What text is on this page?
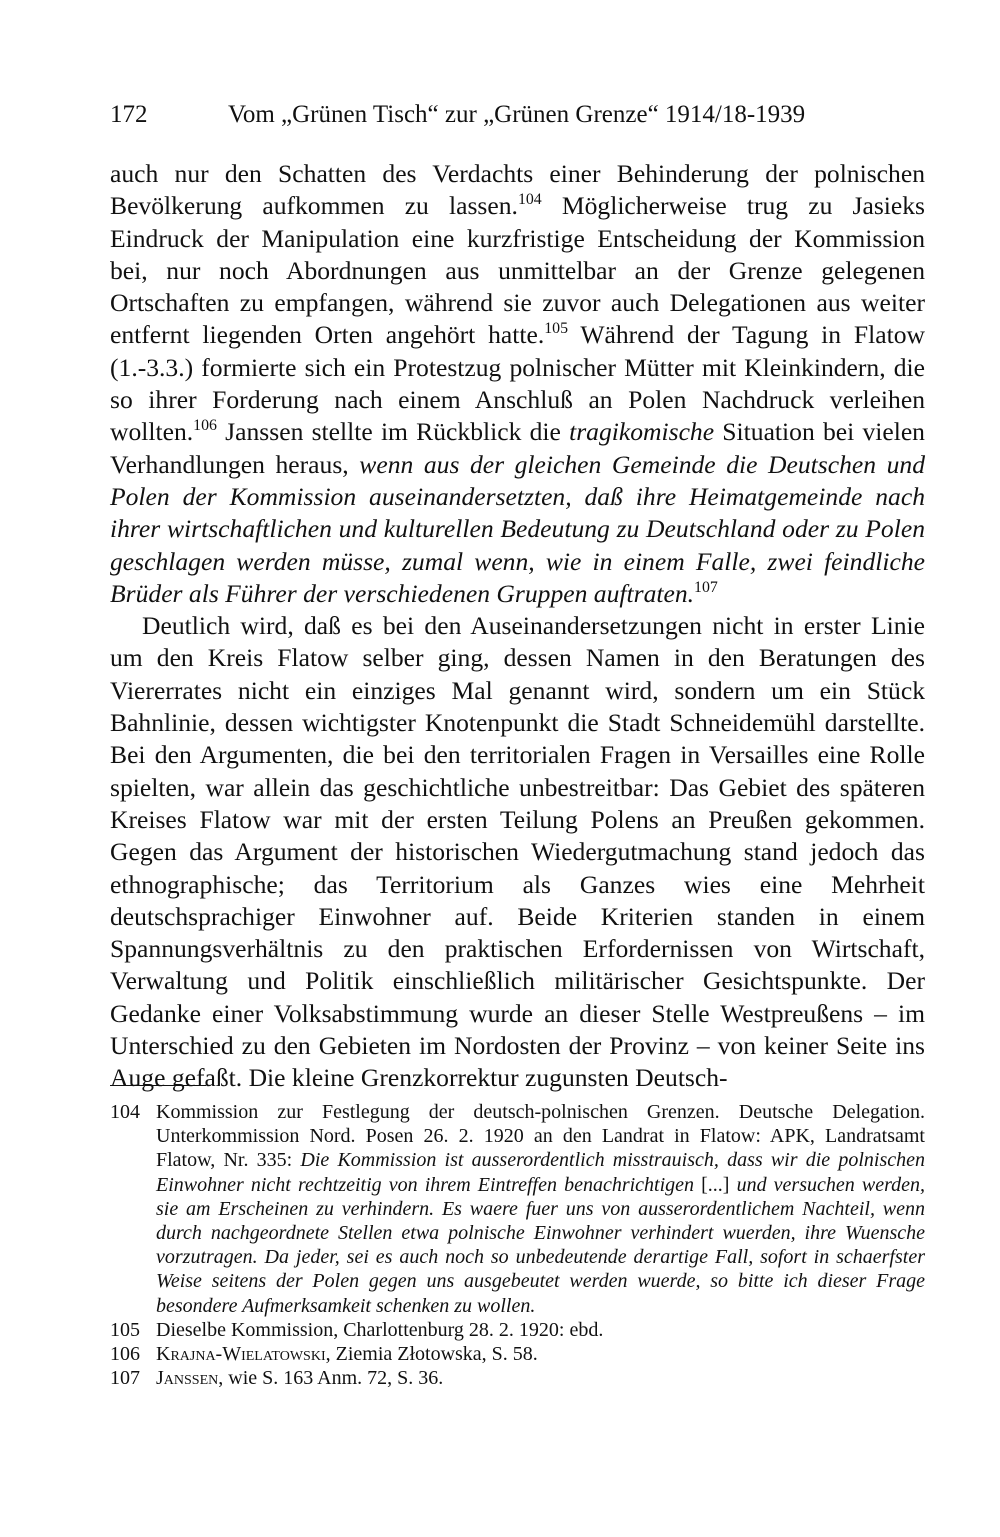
172	Vom „Grünen Tisch“ zur „Grünen Grenze“ 1914/18-1939

auch nur den Schatten des Verdachts einer Behinderung der polnischen Bevölkerung aufkommen zu lassen.$^{104}$ Möglicherweise trug zu Jasieks Eindruck der Manipulation eine kurzfristige Entscheidung der Kommission bei, nur noch Abordnungen aus unmittelbar an der Grenze gelegenen Ortschaften zu empfangen, während sie zuvor auch Delegationen aus weiter entfernt liegenden Orten angehört hatte.$^{105}$ Während der Tagung in Flatow (1.-3.3.) formierte sich ein Protestzug polnischer Mütter mit Kleinkindern, die so ihrer Forderung nach einem Anschluß an Polen Nachdruck verleihen wollten.$^{106}$ Janssen stellte im Rückblick die tragikomische Situation bei vielen Verhandlungen heraus, wenn aus der gleichen Gemeinde die Deutschen und Polen der Kommission auseinandersetzten, daß ihre Heimatgemeinde nach ihrer wirtschaftlichen und kulturellen Bedeutung zu Deutschland oder zu Polen geschlagen werden müsse, zumal wenn, wie in einem Falle, zwei feindliche Brüder als Führer der verschiedenen Gruppen auftraten.$^{107}$

Deutlich wird, daß es bei den Auseinandersetzungen nicht in erster Linie um den Kreis Flatow selber ging, dessen Namen in den Beratungen des Viererrates nicht ein einziges Mal genannt wird, sondern um ein Stück Bahnlinie, dessen wichtigster Knotenpunkt die Stadt Schneidemühl darstellte. Bei den Argumenten, die bei den territorialen Fragen in Versailles eine Rolle spielten, war allein das geschichtliche unbestreitbar: Das Gebiet des späteren Kreises Flatow war mit der ersten Teilung Polens an Preußen gekommen. Gegen das Argument der historischen Wiedergutmachung stand jedoch das ethnographische; das Territorium als Ganzes wies eine Mehrheit deutschsprachiger Einwohner auf. Beide Kriterien standen in einem Spannungsverhältnis zu den praktischen Erfordernissen von Wirtschaft, Verwaltung und Politik einschließlich militärischer Gesichtspunkte. Der Gedanke einer Volksabstimmung wurde an dieser Stelle Westpreußens – im Unterschied zu den Gebieten im Nordosten der Provinz – von keiner Seite ins Auge gefaßt. Die kleine Grenzkorrektur zugunsten Deutsch-

104 Kommission zur Festlegung der deutsch-polnischen Grenzen. Deutsche Delegation. Unterkommission Nord. Posen 26. 2. 1920 an den Landrat in Flatow: APK, Landratsamt Flatow, Nr. 335: Die Kommission ist ausserordentlich misstrauisch, dass wir die polnischen Einwohner nicht rechtzeitig von ihrem Eintreffen benachrichtigen [...] und versuchen werden, sie am Erscheinen zu verhindern. Es waere fuer uns von ausserordentlichem Nachteil, wenn durch nachgeordnete Stellen etwa polnische Einwohner verhindert wuerden, ihre Wuensche vorzutragen. Da jeder, sei es auch noch so unbedeutende derartige Fall, sofort in schaerfster Weise seitens der Polen gegen uns ausgebeutet werden wuerde, so bitte ich dieser Frage besondere Aufmerksamkeit schenken zu wollen.
105 Dieselbe Kommission, Charlottenburg 28. 2. 1920: ebd.
106 Krajna-Wielatowski, Ziemia Złotowska, S. 58.
107 Janssen, wie S. 163 Anm. 72, S. 36.
